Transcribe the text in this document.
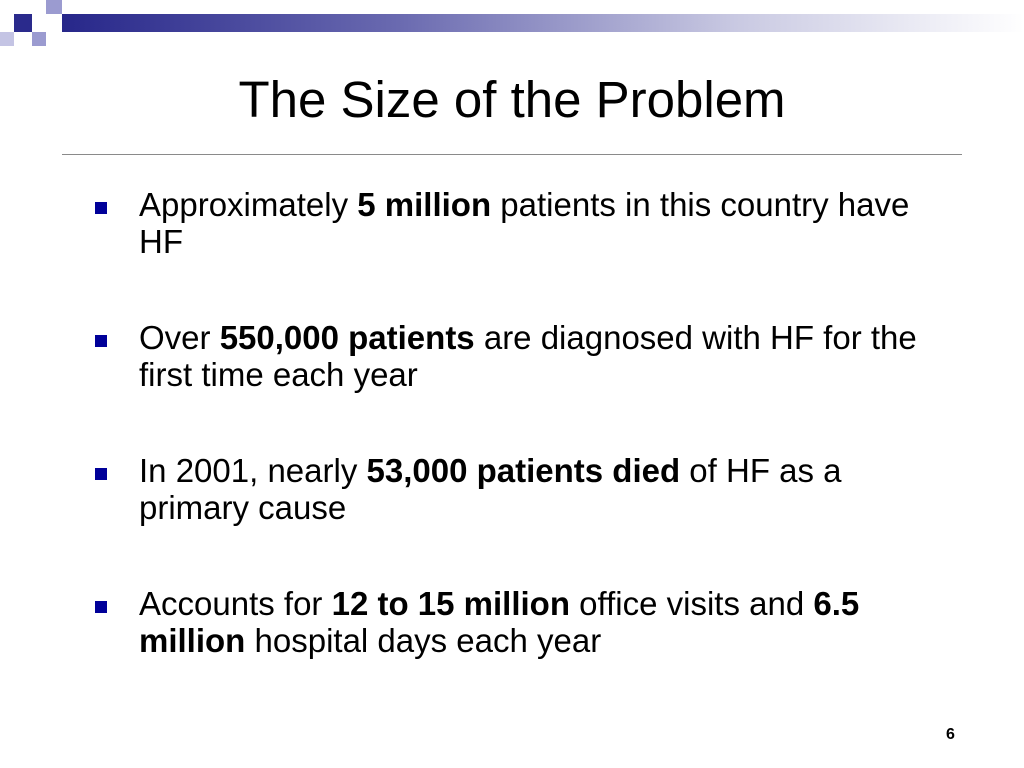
The Size of the Problem
Approximately 5 million patients in this country have HF
Over 550,000 patients are diagnosed with HF for the first time each year
In 2001, nearly 53,000 patients died of HF as a primary cause
Accounts for 12 to 15 million office visits and 6.5 million hospital days each year
6
